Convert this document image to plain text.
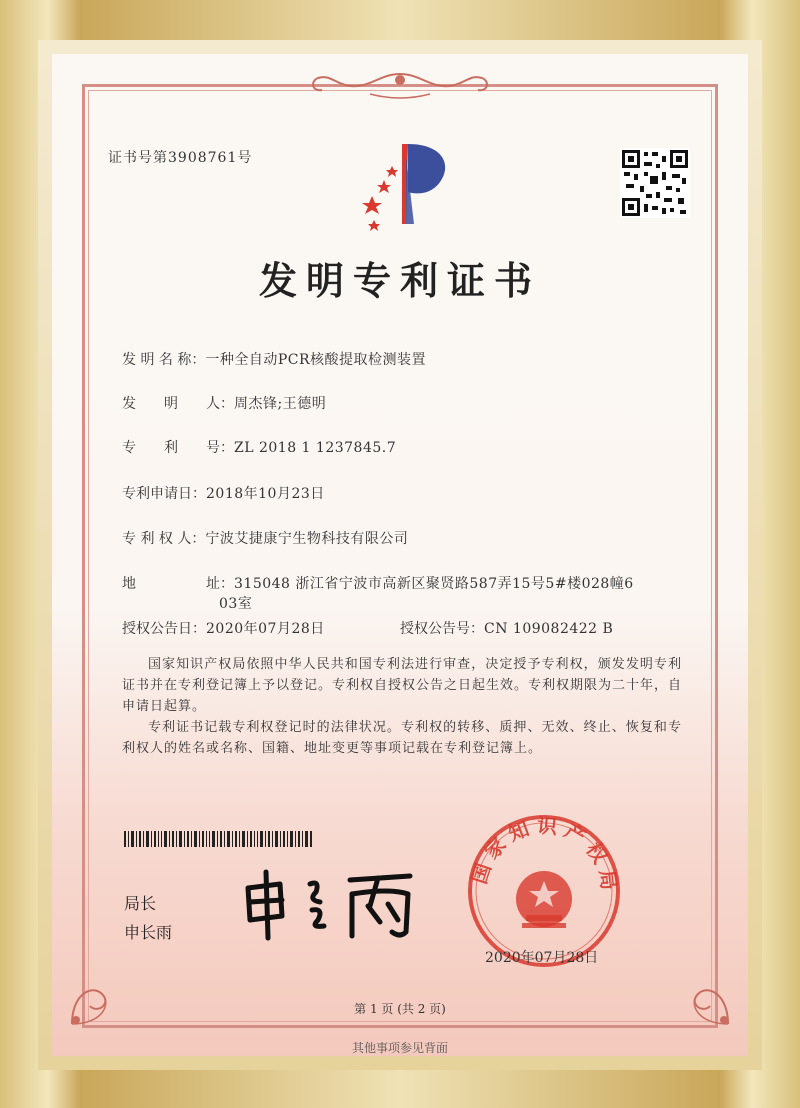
证书号第3908761号
发明专利证书
发 明 名 称：一种全自动PCR核酸提取检测装置
发　　明　　人：周杰锋;王德明
专　　利　　号：ZL 2018 1 1237845.7
专利申请日：2018年10月23日
专 利 权 人：宁波艾捷康宁生物科技有限公司
地　　　　　址：315048 浙江省宁波市高新区聚贤路587弄15号5#楼028幢6
03室
授权公告日：2020年07月28日	授权公告号：CN 109082422 B
国家知识产权局依照中华人民共和国专利法进行审查，决定授予专利权，颁发发明专利证书并在专利登记簿上予以登记。专利权自授权公告之日起生效。专利权期限为二十年，自申请日起算。
专利证书记载专利权登记时的法律状况。专利权的转移、质押、无效、终止、恢复和专利权人的姓名或名称、国籍、地址变更等事项记载在专利登记簿上。
局长
申长雨
国家知识产权局
2020年07月28日
第 1 页 (共 2 页)
其他事项参见背面
